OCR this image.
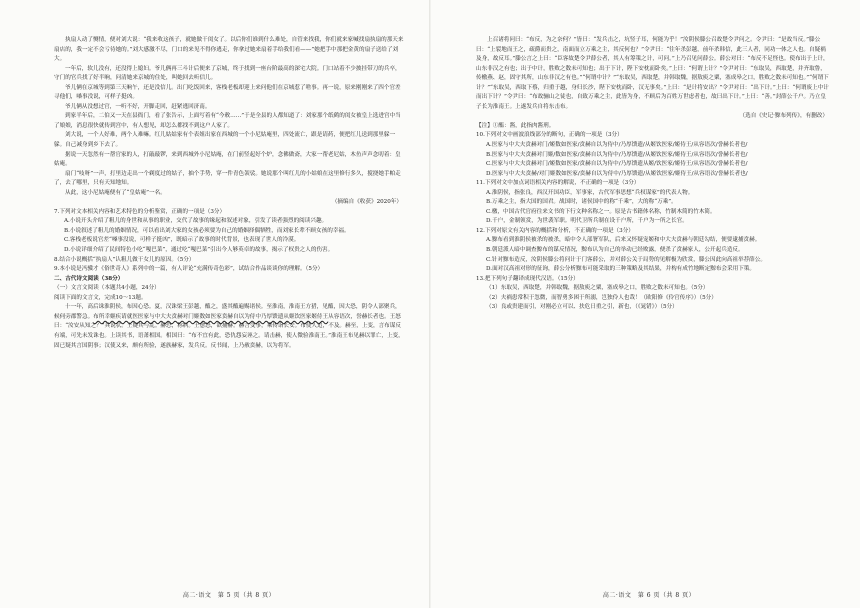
执扇人动了恻情，便对刘大说：“我来收这孩子，就她做干闺女了。以后你们谁到什么难处，自管来找我，你们就来家喊找扇执扇的那天来扇店的，我一定不会亏待她的。”刘大感激不尽，门口的来见不得你逃走，你拿过她来扇着手给我们看——”她把手中那把金黄的扇子送给了刘大。

一年后，软儿没有，还没得上媳妇。爷儿俩再三斗计后便来了京城，终于找到一座台阶最高的深宅大院。门口站着不少披挂带刀的兵卒，守门的官兵找了好半晌，问清她来京城的住处，叫她回去听信儿。

爷儿俩在京城等到第三天晌午，还是没信儿。出门吃饭回来，客栈老板却迎上来问他们在京城惹了啥事。再一说，原来刚刚来了四个官差寻他们，嗓事没说，可样子挺凶。

爷儿俩从没想过官，一听不好，开脚走回，赶紧逃回济南。

到家半年后，二伯又一天在县衙门，看了张告示，上面写着有“今敕……”于是全县的人都知道了：刘家那个纸鹤的闺女被皇上选进宫中当了娘娘，消息很快就传到宫中，有人想见，却怎么都找不到这户人家了。

刘大说，一个人好难，两个人难嘛。红儿姑姑家有个表姐出家在西城的一个小尼姑庵里，四处流亡，跟是请药，便把红儿送到那里躲一躲。自己减身到乡下去了。

据说一天忽然有一帮官家的人，打敲敲锣，来到西城外小尼姑庵，在门前竖起好个炉，念佛做斋，大家一帮老尼姑，木鱼声声念叨着：皇姑庵。

扇门“吱呀”一声，打里边走出一个剃度过的姑子，抽个手势，穿一件青色袈裟。她说那个叫红儿的小姑娘在这里修行多久，搅挠她手帕走了，去了哪里，只有天知地知。

从此，这小尼姑庵便有了“皇姑庵”一名。

（摘编自《收获》2020年）

7.下列对文本相关内容和艺术特色的分析鉴赏，正确的一项是（3分）

A.小说开头介绍了粗儿的身世和从事的职业，交代了故事的缘起和叙述对象，引发了读者强烈的阅读兴趣。

B.小说叙述了粗儿的婚姻情况，可以看出刘大家的女孩必须要为自己的婚姻择偶牺牲，而刘家长辈不顾女孩的幸福。

C.客栈老板说官差“嗓事没说，可样子挺凶”，既暗示了故事的时代背景，也表现了世人的冷漠。

D.小说详细介绍了民间特色小吃“嘎巴菜”，通过吃“嘎巴菜”引出今人够英卓的故事，揭示了权贵之人的伤害。

8.结合小说概括“执扇人”认粗儿做干女儿的原因。（5分）

9.本小说是冯骥才《俗世奇人》系列中的一篇，有人评论“充满传奇色彩”，试结合作品谈谈你的理解。（5分）

二、古代诗文阅读（38分）

（一）文言文阅读（本题共4小题，24分）

阅读下面的文言文，完成10～13题。

十一年，高后诛淮阴侯，布因心恐。夏，汉诛梁王彭越，醢之，盛其醢遍赐诸侯。至淮南，淮南王方猎，见醢，因大恐，阴令人部聚兵，候伺旁郡警急。布所幸姬疾请就医医家与中大夫贲赫对门姬数如医家贲赫自以为侍中乃厚馈遗从姬饮医家姬侍王从容语次，誉赫长者也。王怒曰：“汝安从知之？”具说状。王疑其与乱。赫恐，称病。王愈怒，欲捕赫。赫言变事，乘传诣长安。布使人追，不及。赫至，上变，言布谋反有端，可先未发诛也。上读其书，语萧相国。相国曰：“布不宜有此，恐仇怨妄诬之。请击赫，使人微验淮南王。”淮南王布见赫以罪亡，上变，固已疑其言国阴事；汉使又来，颇有所验，遂族赫家，发兵反。反书闻，上乃赦贲赫，以为将军。

高二·语文　第 5 页（共 8 页）

上召诸将问曰：“布反，为之奈何？”皆曰：“发兵击之，坑竖子耳，何能为乎！”汝阴侯滕公召故楚令尹问之。令尹曰：“是故当反。”滕公曰：“上裂地而王之，疏爵而贵之，南面而立万乘之主，其反何也？”令尹曰：“往年杀彭越，前年杀韩信，此三人者，同功一体之人也。自疑祸及身，故反耳。”滕公言之上曰：“臣客故楚令尹薛公者，其人有筹策之计，可问。”上乃召见问薛公。薛公对曰：“布反不足怪也。使布出于上计，山东非汉之有也；出于中计，胜败之数未可知也；出于下计，陛下安枕而卧矣。”上曰：“何谓上计？”令尹对曰：“东取吴，西取楚，并齐取鲁，传檄燕、赵，固守其所，山东非汉之有也。”“何谓中计？”“东取吴，西取楚，并韩取魏，据敖庾之粟，塞成皋之口，胜败之数未可知也。”“何谓下计？”“东取吴，西取下蔡，归重于越，身归长沙，陛下安枕而卧，汉无事矣。”上曰：“是计将安出？”令尹对曰：“出下计。”上曰：“何谓废上中计而出下计？”令尹曰：“布故骊山之徒也，自致万乘之主，此皆为身，不顾后为百姓万世虑者也，故曰出下计。”上曰：“善。”封薛公千户。乃立皇子长为淮南王。上遂发兵自将东击布。

（选自《史记·黥布列传》，有删改）

【注】①醢：酱，此指肉酱刑。

10.下列对文中画波浪线部分的断句，正确的一项是（3分）

A.医家与中大夫贲赫对门/姬数如医家/贲赫自以为侍中/乃厚馈遗/从姬饮医家/姬侍王/从容语次/誉赫长者也/

B.医家与中大夫贲赫对门姬/数如医家/贲赫自以为侍中/乃厚馈遗/从姬饮医家/姬侍王/从容语次/誉赫长者也/

C.医家与中大夫贲赫对门/姬数如医家/贲赫自以为侍中/乃厚馈遗从姬/饮医家/姬侍王/从容语次/誉赫长者也/

D.医家与中大夫贲赫/对门姬数如医家/贲赫自以为侍中/乃厚馈遗/从姬饮医家/姬侍王/从容语次/誉赫长者也/

11.下列对文中加点词语相关内容的解说，不正确的一项是（3分）

A.淮阴侯，指张良，西汉开国功臣，军事家，古代军事思想“兵权谋家”的代表人物。

B.万乘之主，指大国的国君。战国时，诸侯国中的称“千乘”，大的称“万乘”。

C.檄，中国古代官府往来文书的下行文种名称之一。原是古书籍体名称，竹制木简的竹木简。

D.千户，金制领赏，为世袭军职。明代卫所兵制在设千户所，千户为一所之长官。

12.下列对原文有关内容的概括和分析，不正确的一项是（3分）

A.黥布看到淮阴侯被杀的被杀，暗中令人部署军队，后来又怀疑宠姬和中大夫贲赫与朝廷勾结，便要逮捕贲赫。

B.朝廷派人暗中调查黥布的谋反情况，黥布认为自己的举动已经败露，便杀了贲赫家人，公开起兵造反。

C.针对黥布造反，汝阴侯滕公将问计于门客薛公，并对薛公关于局势的见解极为欣赏，滕公因此向高祖举荐薛公。

D.面对汉高祖对形的征询，薛公分析黥布可能采取的三种策略及其结果，并构有成竹地断定黥布会采用下策。

13.把下列句子翻译成现代汉语。（15分）

（1）东取吴，西取楚，并韩取魏，据敖庾之粟，塞成皋之口，胜败之数未可知也。（5分）

（2）夫祸患常积于忽微，而智勇多困于所溺，岂独伶人也哉！（欧阳修《伶官传序》）（5分）

（3）良或贵建而引，对刚必立可以、扶危日重之引，新也，（《晁错》）（5分）

高二·语文　第 6 页（共 8 页）
